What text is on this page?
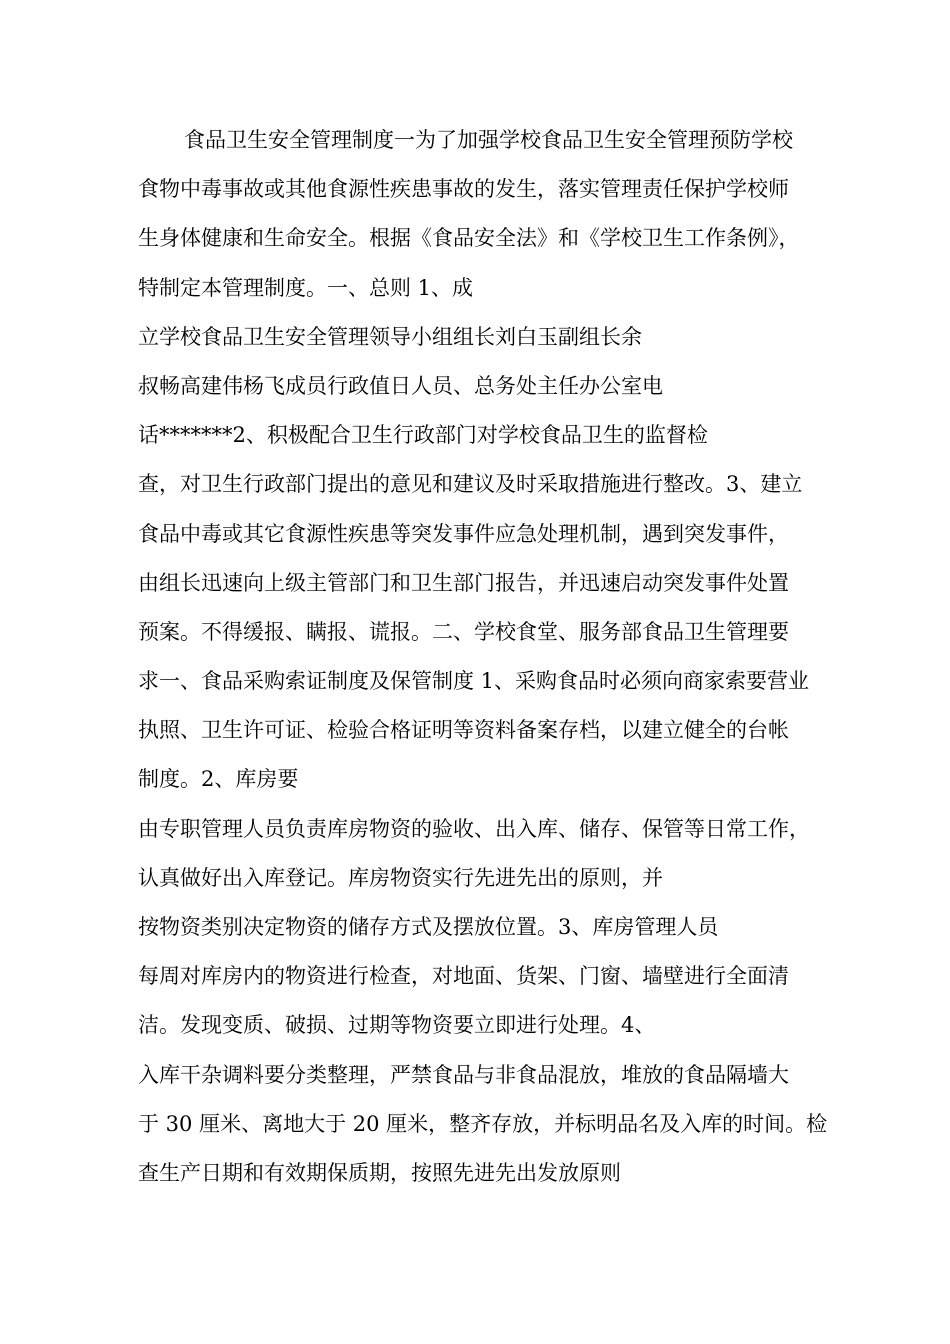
食品卫生安全管理制度一为了加强学校食品卫生安全管理预防学校
食物中毒事故或其他食源性疾患事故的发生，落实管理责任保护学校师
生身体健康和生命安全。根据《食品安全法》和《学校卫生工作条例》，
特制定本管理制度。一、总则 1、成
立学校食品卫生安全管理领导小组组长刘白玉副组长余
叔畅高建伟杨飞成员行政值日人员、总务处主任办公室电
话*******2、积极配合卫生行政部门对学校食品卫生的监督检
查，对卫生行政部门提出的意见和建议及时采取措施进行整改。3、建立
食品中毒或其它食源性疾患等突发事件应急处理机制，遇到突发事件，
由组长迅速向上级主管部门和卫生部门报告，并迅速启动突发事件处置
预案。不得缓报、瞒报、谎报。二、学校食堂、服务部食品卫生管理要
求一、食品采购索证制度及保管制度 1、采购食品时必须向商家索要营业
执照、卫生许可证、检验合格证明等资料备案存档，以建立健全的台帐
制度。2、库房要
由专职管理人员负责库房物资的验收、出入库、储存、保管等日常工作，
认真做好出入库登记。库房物资实行先进先出的原则，并
按物资类别决定物资的储存方式及摆放位置。3、库房管理人员
每周对库房内的物资进行检查，对地面、货架、门窗、墙壁进行全面清
洁。发现变质、破损、过期等物资要立即进行处理。4、
入库干杂调料要分类整理，严禁食品与非食品混放，堆放的食品隔墙大
于 30 厘米、离地大于 20 厘米，整齐存放，并标明品名及入库的时间。检
查生产日期和有效期保质期，按照先进先出发放原则
